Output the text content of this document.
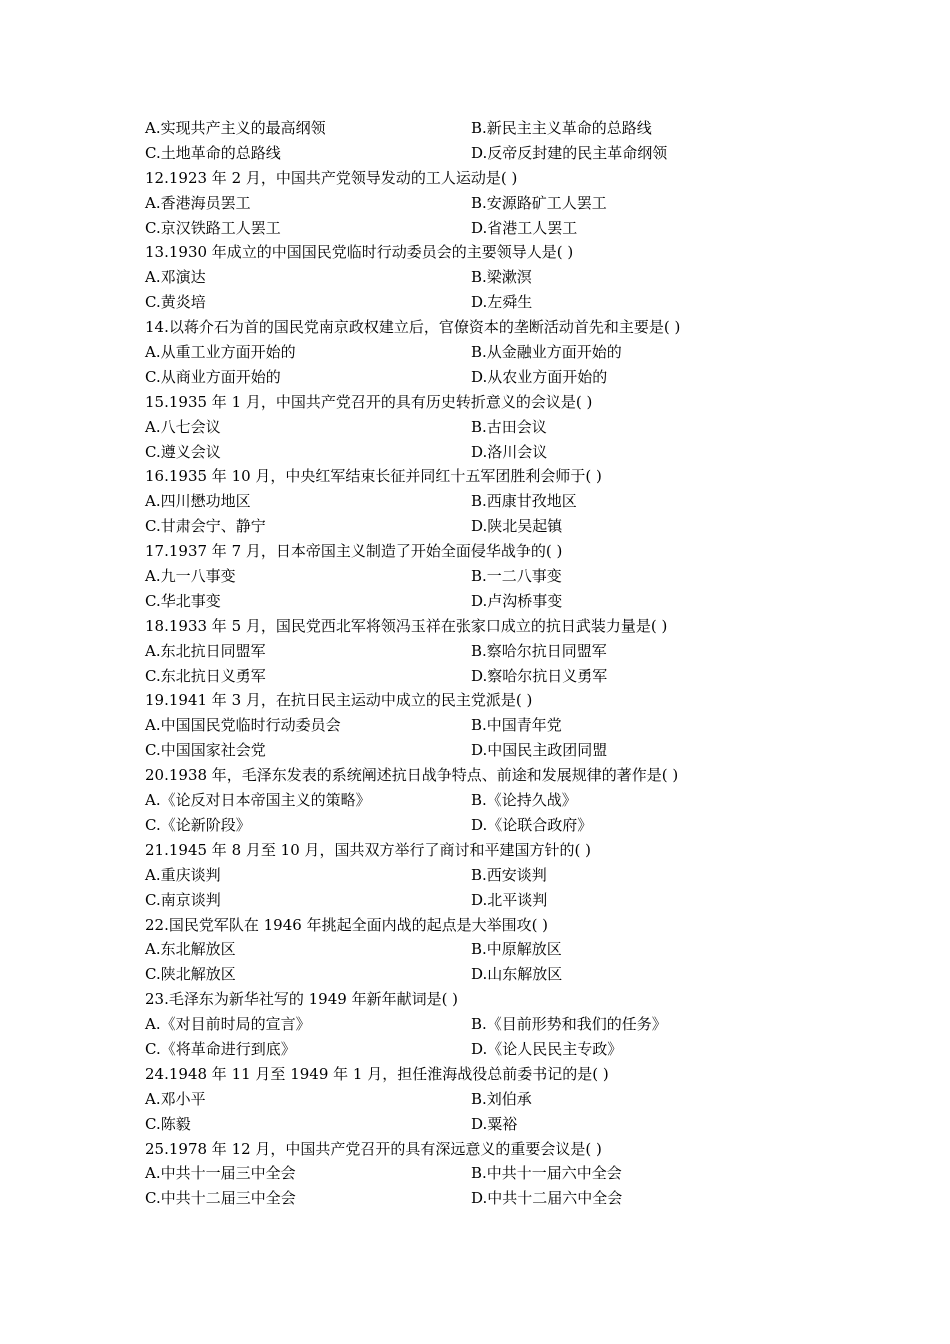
A.实现共产主义的最高纲领	B.新民主主义革命的总路线
C.土地革命的总路线	D.反帝反封建的民主革命纲领
12.1923 年 2 月，中国共产党领导发动的工人运动是( )
A.香港海员罢工	B.安源路矿工人罢工
C.京汉铁路工人罢工	D.省港工人罢工
13.1930 年成立的中国国民党临时行动委员会的主要领导人是( )
A.邓演达	B.梁漱溟
C.黄炎培	D.左舜生
14.以蒋介石为首的国民党南京政权建立后，官僚资本的垄断活动首先和主要是( )
A.从重工业方面开始的	B.从金融业方面开始的
C.从商业方面开始的	D.从农业方面开始的
15.1935 年 1 月，中国共产党召开的具有历史转折意义的会议是( )
A.八七会议	B.古田会议
C.遵义会议	D.洛川会议
16.1935 年 10 月，中央红军结束长征并同红十五军团胜利会师于( )
A.四川懋功地区	B.西康甘孜地区
C.甘肃会宁、静宁	D.陕北吴起镇
17.1937 年 7 月，日本帝国主义制造了开始全面侵华战争的( )
A.九一八事变	B.一二八事变
C.华北事变	D.卢沟桥事变
18.1933 年 5 月，国民党西北军将领冯玉祥在张家口成立的抗日武装力量是( )
A.东北抗日同盟军	B.察哈尔抗日同盟军
C.东北抗日义勇军	D.察哈尔抗日义勇军
19.1941 年 3 月，在抗日民主运动中成立的民主党派是( )
A.中国国民党临时行动委员会	B.中国青年党
C.中国国家社会党	D.中国民主政团同盟
20.1938 年，毛泽东发表的系统阐述抗日战争特点、前途和发展规律的著作是( )
A.《论反对日本帝国主义的策略》	B.《论持久战》
C.《论新阶段》	D.《论联合政府》
21.1945 年 8 月至 10 月，国共双方举行了商讨和平建国方针的( )
A.重庆谈判	B.西安谈判
C.南京谈判	D.北平谈判
22.国民党军队在 1946 年挑起全面内战的起点是大举围攻( )
A.东北解放区	B.中原解放区
C.陕北解放区	D.山东解放区
23.毛泽东为新华社写的 1949 年新年献词是( )
A.《对目前时局的宣言》	B.《目前形势和我们的任务》
C.《将革命进行到底》	D.《论人民民主专政》
24.1948 年 11 月至 1949 年 1 月，担任淮海战役总前委书记的是( )
A.邓小平	B.刘伯承
C.陈毅	D.粟裕
25.1978 年 12 月，中国共产党召开的具有深远意义的重要会议是( )
A.中共十一届三中全会	B.中共十一届六中全会
C.中共十二届三中全会	D.中共十二届六中全会
